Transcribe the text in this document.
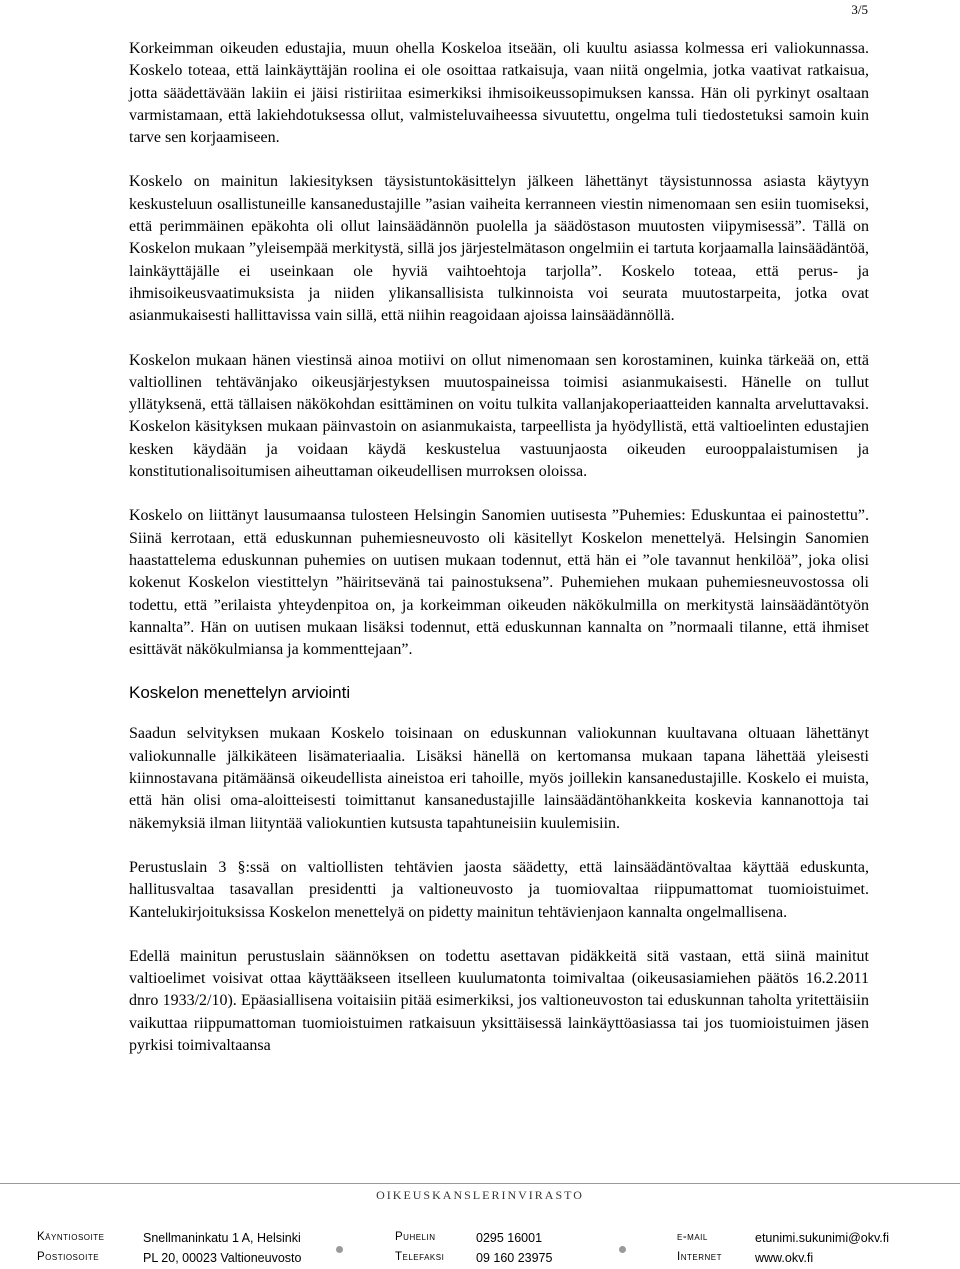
3/5

Korkeimman oikeuden edustajia, muun ohella Koskeloa itseään, oli kuultu asiassa kolmessa eri valiokunnassa. Koskelo toteaa, että lainkäyttäjän roolina ei ole osoittaa ratkaisuja, vaan niitä ongelmia, jotka vaativat ratkaisua, jotta säädettävään lakiin ei jäisi ristiriitaa esimerkiksi ihmisoikeussopimuksen kanssa. Hän oli pyrkinyt osaltaan varmistamaan, että lakiehdotuksessa ollut, valmisteluvaiheessa sivuutettu, ongelma tuli tiedostetuksi samoin kuin tarve sen korjaamiseen.

Koskelo on mainitun lakiesityksen täysistuntokäsittelyn jälkeen lähettänyt täysistunnossa asiasta käytyyn keskusteluun osallistuneille kansanedustajille ”asian vaiheita kerranneen viestin nimenomaan sen esiin tuomiseksi, että perimmäinen epäkohta oli ollut lainsäädännön puolella ja säädöstason muutosten viipymisessä”. Tällä on Koskelon mukaan ”yleisempää merkitystä, sillä jos järjestelmätason ongelmiin ei tartuta korjaamalla lainsäädäntöä, lainkäyttäjälle ei useinkaan ole hyviä vaihtoehtoja tarjolla”. Koskelo toteaa, että perus- ja ihmisoikeusvaatimuksista ja niiden ylikansallisista tulkinnoista voi seurata muutostarpeita, jotka ovat asianmukaisesti hallittavissa vain sillä, että niihin reagoidaan ajoissa lainsäädännöllä.

Koskelon mukaan hänen viestinsä ainoa motiivi on ollut nimenomaan sen korostaminen, kuinka tärkeää on, että valtiollinen tehtävänjako oikeusjärjestyksen muutospaineissa toimisi asianmukaisesti. Hänelle on tullut yllätyksenä, että tällaisen näkökohdan esittäminen on voitu tulkita vallanjakoperiaatteiden kannalta arveluttavaksi. Koskelon käsityksen mukaan päinvastoin on asianmukaista, tarpeellista ja hyödyllistä, että valtioelinten edustajien kesken käydään ja voidaan käydä keskustelua vastuunjaosta oikeuden eurooppalaistumisen ja konstitutionalisoitumisen aiheuttaman oikeudellisen murroksen oloissa.

Koskelo on liittänyt lausumaansa tulosteen Helsingin Sanomien uutisesta ”Puhemies: Eduskuntaa ei painostettu”. Siinä kerrotaan, että eduskunnan puhemiesneuvosto oli käsitellyt Koskelon menettelyä. Helsingin Sanomien haastattelema eduskunnan puhemies on uutisen mukaan todennut, että hän ei ”ole tavannut henkilöä”, joka olisi kokenut Koskelon viestittelyn ”häiritsevänä tai painostuksena”. Puhemiehen mukaan puhemiesneuvostossa oli todettu, että ”erilaista yhteydenpitoa on, ja korkeimman oikeuden näkökulmilla on merkitystä lainsäädäntötyön kannalta”. Hän on uutisen mukaan lisäksi todennut, että eduskunnan kannalta on ”normaali tilanne, että ihmiset esittävät näkökulmiansa ja kommenttejaan”.

Koskelon menettelyn arviointi

Saadun selvityksen mukaan Koskelo toisinaan on eduskunnan valiokunnan kuultavana oltuaan lähettänyt valiokunnalle jälkikäteen lisämateriaalia. Lisäksi hänellä on kertomansa mukaan tapana lähettää yleisesti kiinnostavana pitämäänsä oikeudellista aineistoa eri tahoille, myös joillekin kansanedustajille. Koskelo ei muista, että hän olisi oma-aloitteisesti toimittanut kansanedustajille lainsäädäntöhankkeita koskevia kannanottoja tai näkemyksiä ilman liityntää valiokuntien kutsusta tapahtuneisiin kuulemisiin.

Perustuslain 3 §:ssä on valtiollisten tehtävien jaosta säädetty, että lainsäädäntövaltaa käyttää eduskunta, hallitusvaltaa tasavallan presidentti ja valtioneuvosto ja tuomiovaltaa riippumattomat tuomioistuimet. Kantelukirjoituksissa Koskelon menettelyä on pidetty mainitun tehtävienjaon kannalta ongelmallisena.

Edellä mainitun perustuslain säännöksen on todettu asettavan pidäkkeitä sitä vastaan, että siinä mainitut valtioelimet voisivat ottaa käyttääkseen itselleen kuulumatonta toimivaltaa (oikeusasiamiehen päätös 16.2.2011 dnro 1933/2/10). Epäasiallisena voitaisiin pitää esimerkiksi, jos valtioneuvoston tai eduskunnan taholta yritettäisiin vaikuttaa riippumattoman tuomioistuimen ratkaisuun yksittäisessä lainkäyttöasiassa tai jos tuomioistuimen jäsen pyrkisi toimivaltaansa

OIKEUSKANSLERINVIRASTO
Käyntiosoite	Snellmaninkatu 1 A, Helsinki	Puhelin	0295 16001	e-mail	etunimi.sukunimi@okv.fi
Postiosoite	PL 20, 00023 Valtioneuvosto	Telefaksi	09 160 23975	Internet	www.okv.fi
